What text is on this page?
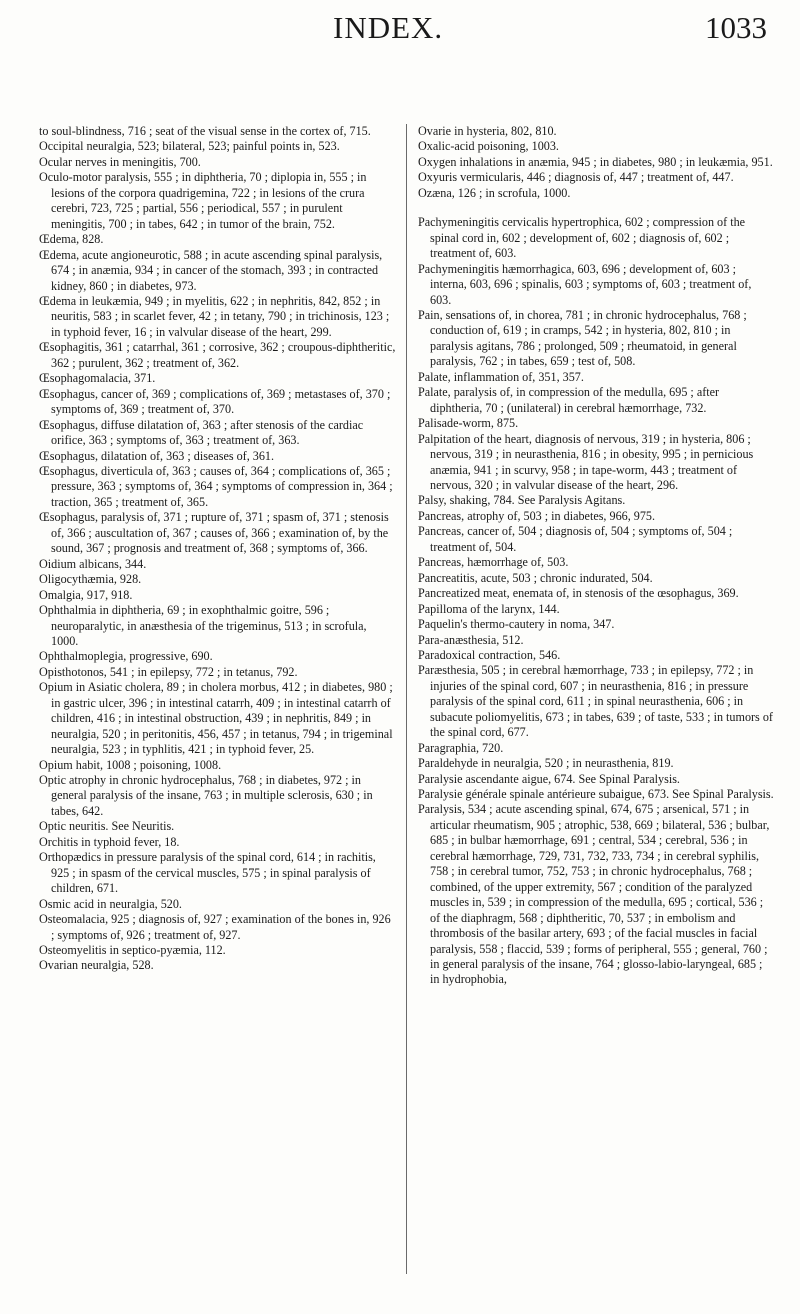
INDEX.	1033
to soul-blindness, 716 ; seat of the visual sense in the cortex of, 715.
Occipital neuralgia, 523; bilateral, 523; painful points in, 523.
Ocular nerves in meningitis, 700.
Oculo-motor paralysis, 555 ; in diphtheria, 70 ; diplopia in, 555 ; in lesions of the corpora quadrigemina, 722 ; in lesions of the crura cerebri, 723, 725 ; partial, 556 ; periodical, 557 ; in purulent meningitis, 700 ; in tabes, 642 ; in tumor of the brain, 752.
Œdema, 828.
Œdema, acute angioneurotic, 588 ; in acute ascending spinal paralysis, 674 ; in anæmia, 934 ; in cancer of the stomach, 393 ; in contracted kidney, 860 ; in diabetes, 973.
Œdema in leukæmia, 949 ; in myelitis, 622 ; in nephritis, 842, 852 ; in neuritis, 583 ; in scarlet fever, 42 ; in tetany, 790 ; in trichinosis, 123 ; in typhoid fever, 16 ; in valvular disease of the heart, 299.
Œsophagitis, 361 ; catarrhal, 361 ; corrosive, 362 ; croupous-diphtheritic, 362 ; purulent, 362 ; treatment of, 362.
Œsophagomalacia, 371.
Œsophagus, cancer of, 369 ; complications of, 369 ; metastases of, 370 ; symptoms of, 369 ; treatment of, 370.
Œsophagus, diffuse dilatation of, 363 ; after stenosis of the cardiac orifice, 363 ; symptoms of, 363 ; treatment of, 363.
Œsophagus, dilatation of, 363 ; diseases of, 361.
Œsophagus, diverticula of, 363 ; causes of, 364 ; complications of, 365 ; pressure, 363 ; symptoms of, 364 ; symptoms of compression in, 364 ; traction, 365 ; treatment of, 365.
Œsophagus, paralysis of, 371 ; rupture of, 371 ; spasm of, 371 ; stenosis of, 366 ; auscultation of, 367 ; causes of, 366 ; examination of, by the sound, 367 ; prognosis and treatment of, 368 ; symptoms of, 366.
Oidium albicans, 344.
Oligocythæmia, 928.
Omalgia, 917, 918.
Ophthalmia in diphtheria, 69 ; in exophthalmic goitre, 596 ; neuroparalytic, in anæsthesia of the trigeminus, 513 ; in scrofula, 1000.
Ophthalmoplegia, progressive, 690.
Opisthotonos, 541 ; in epilepsy, 772 ; in tetanus, 792.
Opium in Asiatic cholera, 89 ; in cholera morbus, 412 ; in diabetes, 980 ; in gastric ulcer, 396 ; in intestinal catarrh, 409 ; in intestinal catarrh of children, 416 ; in intestinal obstruction, 439 ; in nephritis, 849 ; in neuralgia, 520 ; in peritonitis, 456, 457 ; in tetanus, 794 ; in trigeminal neuralgia, 523 ; in typhlitis, 421 ; in typhoid fever, 25.
Opium habit, 1008 ; poisoning, 1008.
Optic atrophy in chronic hydrocephalus, 768 ; in diabetes, 972 ; in general paralysis of the insane, 763 ; in multiple sclerosis, 630 ; in tabes, 642.
Optic neuritis. See Neuritis.
Orchitis in typhoid fever, 18.
Orthopædics in pressure paralysis of the spinal cord, 614 ; in rachitis, 925 ; in spasm of the cervical muscles, 575 ; in spinal paralysis of children, 671.
Osmic acid in neuralgia, 520.
Osteomalacia, 925 ; diagnosis of, 927 ; examination of the bones in, 926 ; symptoms of, 926 ; treatment of, 927.
Osteomyelitis in septico-pyæmia, 112.
Ovarian neuralgia, 528.
Ovarie in hysteria, 802, 810.
Oxalic-acid poisoning, 1003.
Oxygen inhalations in anæmia, 945 ; in diabetes, 980 ; in leukæmia, 951.
Oxyuris vermicularis, 446 ; diagnosis of, 447 ; treatment of, 447.
Ozæna, 126 ; in scrofula, 1000.
Pachymeningitis cervicalis hypertrophica, 602 ; compression of the spinal cord in, 602 ; development of, 602 ; diagnosis of, 602 ; treatment of, 603.
Pachymeningitis hæmorrhagica, 603, 696 ; development of, 603 ; interna, 603, 696 ; spinalis, 603 ; symptoms of, 603 ; treatment of, 603.
Pain, sensations of, in chorea, 781 ; in chronic hydrocephalus, 768 ; conduction of, 619 ; in cramps, 542 ; in hysteria, 802, 810 ; in paralysis agitans, 786 ; prolonged, 509 ; rheumatoid, in general paralysis, 762 ; in tabes, 659 ; test of, 508.
Palate, inflammation of, 351, 357.
Palate, paralysis of, in compression of the medulla, 695 ; after diphtheria, 70 ; (unilateral) in cerebral hæmorrhage, 732.
Palisade-worm, 875.
Palpitation of the heart, diagnosis of nervous, 319 ; in hysteria, 806 ; nervous, 319 ; in neurasthenia, 816 ; in obesity, 995 ; in pernicious anæmia, 941 ; in scurvy, 958 ; in tape-worm, 443 ; treatment of nervous, 320 ; in valvular disease of the heart, 296.
Palsy, shaking, 784. See Paralysis Agitans.
Pancreas, atrophy of, 503 ; in diabetes, 966, 975.
Pancreas, cancer of, 504 ; diagnosis of, 504 ; symptoms of, 504 ; treatment of, 504.
Pancreas, hæmorrhage of, 503.
Pancreatitis, acute, 503 ; chronic indurated, 504.
Pancreatized meat, enemata of, in stenosis of the œsophagus, 369.
Papilloma of the larynx, 144.
Paquelin's thermo-cautery in noma, 347.
Para-anæsthesia, 512.
Paradoxical contraction, 546.
Paræsthesia, 505 ; in cerebral hæmorrhage, 733 ; in epilepsy, 772 ; in injuries of the spinal cord, 607 ; in neurasthenia, 816 ; in pressure paralysis of the spinal cord, 611 ; in spinal neurasthenia, 606 ; in subacute poliomyelitis, 673 ; in tabes, 639 ; of taste, 533 ; in tumors of the spinal cord, 677.
Paragraphia, 720.
Paraldehyde in neuralgia, 520 ; in neurasthenia, 819.
Paralysie ascendante aigue, 674. See Spinal Paralysis.
Paralysie générale spinale antérieure subaigue, 673. See Spinal Paralysis.
Paralysis, 534 ; acute ascending spinal, 674, 675 ; arsenical, 571 ; in articular rheumatism, 905 ; atrophic, 538, 669 ; bilateral, 536 ; bulbar, 685 ; in bulbar hæmorrhage, 691 ; central, 534 ; cerebral, 536 ; in cerebral hæmorrhage, 729, 731, 732, 733, 734 ; in cerebral syphilis, 758 ; in cerebral tumor, 752, 753 ; in chronic hydrocephalus, 768 ; combined, of the upper extremity, 567 ; condition of the paralyzed muscles in, 539 ; in compression of the medulla, 695 ; cortical, 536 ; of the diaphragm, 568 ; diphtheritic, 70, 537 ; in embolism and thrombosis of the basilar artery, 693 ; of the facial muscles in facial paralysis, 558 ; flaccid, 539 ; forms of peripheral, 555 ; general, 760 ; in general paralysis of the insane, 764 ; glosso-labio-laryngeal, 685 ; in hydrophobia,
